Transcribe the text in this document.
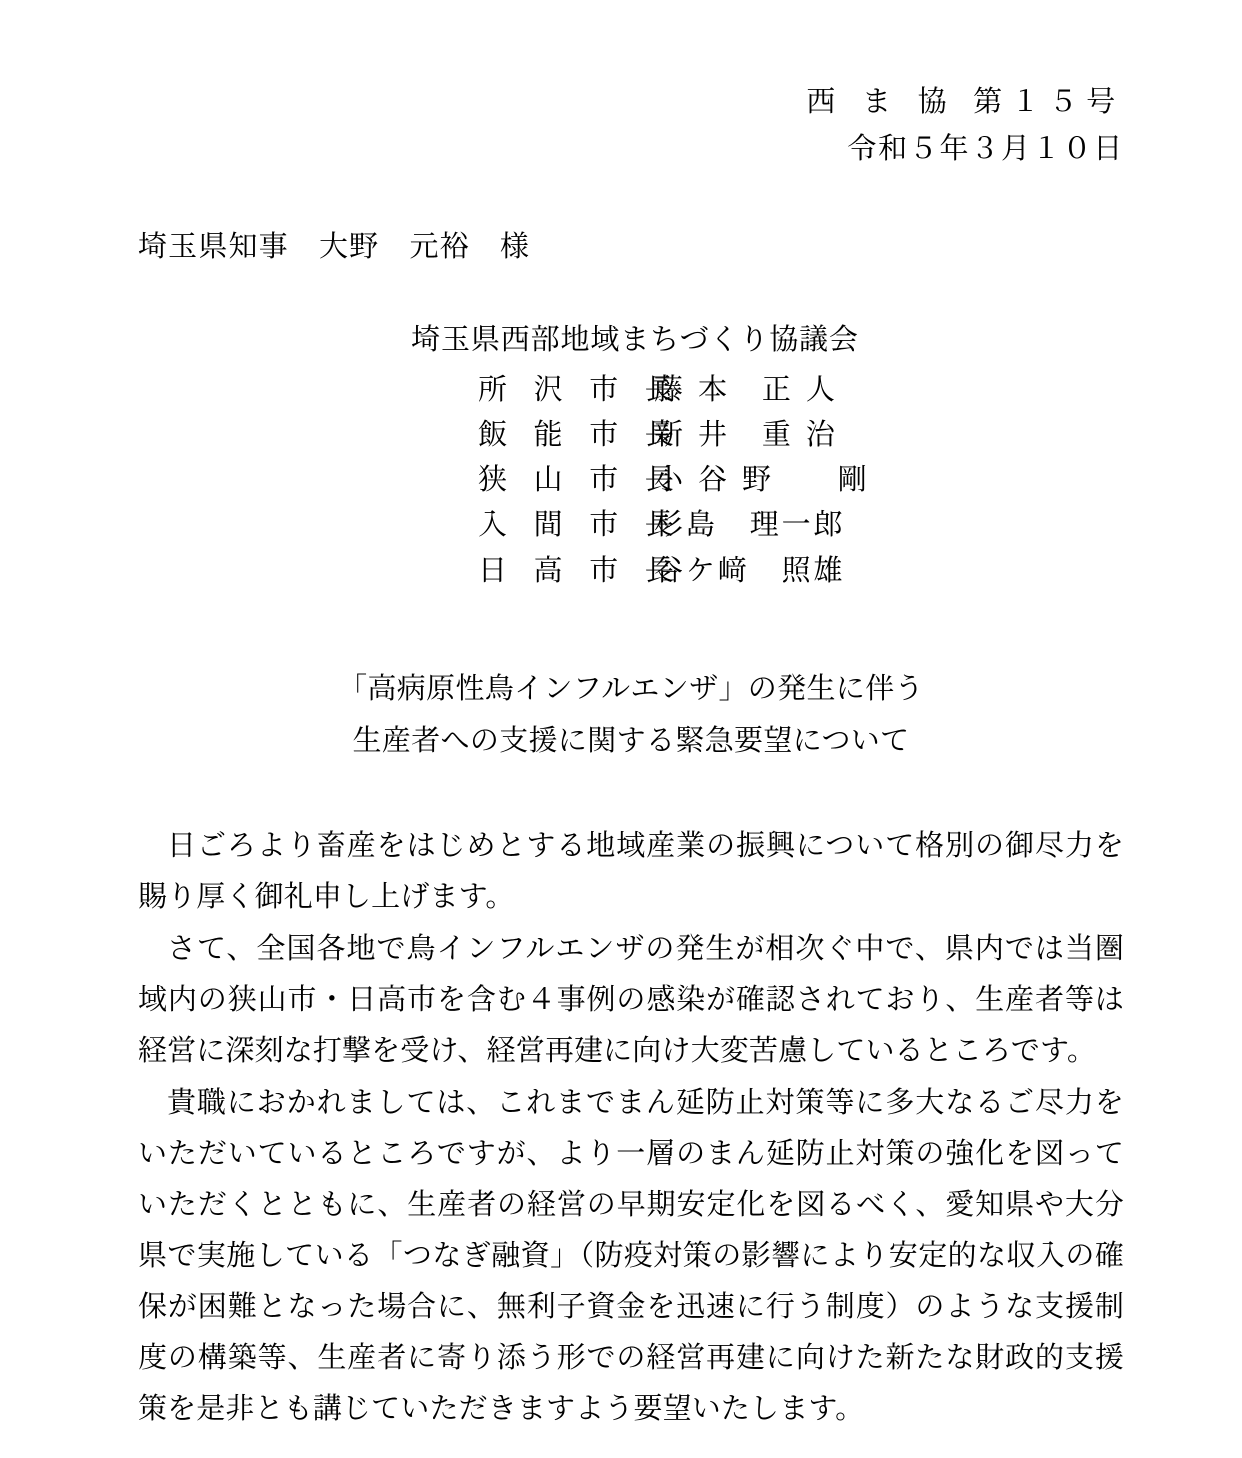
西 ま 協 第１５号
令和５年３月１０日
埼玉県知事　大野　元裕　様
埼玉県西部地域まちづくり協議会
所 沢 市 長
藤 本　正 人
飯 能 市 長
新 井　重 治
狭 山 市 長
小 谷 野　　剛
入 間 市 長
杉島　理一郎
日 高 市 長
谷ケ﨑　照雄
「高病原性鳥インフルエンザ」の発生に伴う
生産者への支援に関する緊急要望について

日ごろより畜産をはじめとする地域産業の振興について格別の御尽力を賜り厚く御礼申し上げます。

さて、全国各地で鳥インフルエンザの発生が相次ぐ中で、県内では当圏域内の狭山市・日高市を含む４事例の感染が確認されており、生産者等は経営に深刻な打撃を受け、経営再建に向け大変苦慮しているところです。

貴職におかれましては、これまでまん延防止対策等に多大なるご尽力をいただいているところですが、より一層のまん延防止対策の強化を図っていただくとともに、生産者の経営の早期安定化を図るべく、愛知県や大分県で実施している「つなぎ融資」（防疫対策の影響により安定的な収入の確保が困難となった場合に、無利子資金を迅速に行う制度）のような支援制度の構築等、生産者に寄り添う形での経営再建に向けた新たな財政的支援策を是非とも講じていただきますよう要望いたします。
